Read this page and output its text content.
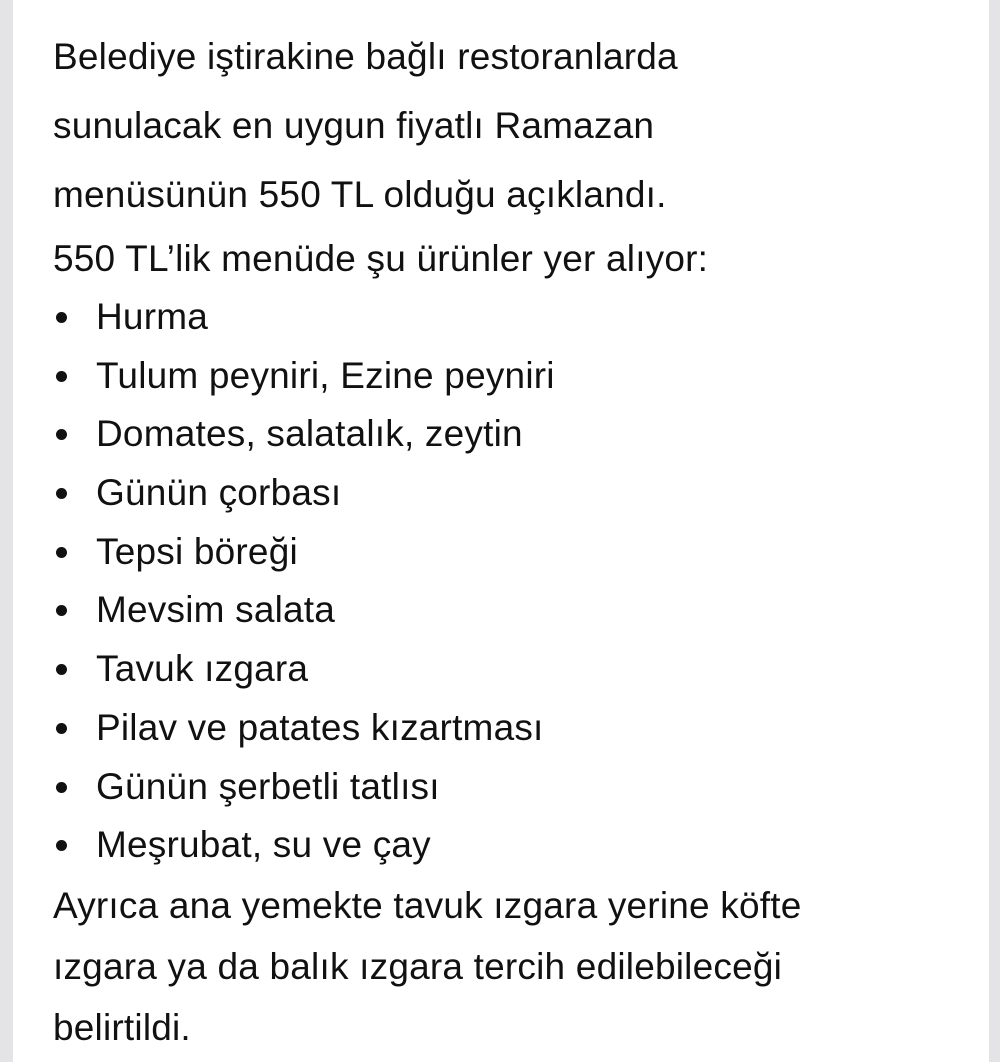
Belediye iştirakine bağlı restoranlarda
sunulacak en uygun fiyatlı Ramazan
menüsünün 550 TL olduğu açıklandı.

550 TL’lik menüde şu ürünler yer alıyor:

Hurma
Tulum peyniri, Ezine peyniri
Domates, salatalık, zeytin
Günün çorbası
Tepsi böreği
Mevsim salata
Tavuk ızgara
Pilav ve patates kızartması
Günün şerbetli tatlısı
Meşrubat, su ve çay
Ayrıca ana yemekte tavuk ızgara yerine köfte
ızgara ya da balık ızgara tercih edilebileceği
belirtildi.
